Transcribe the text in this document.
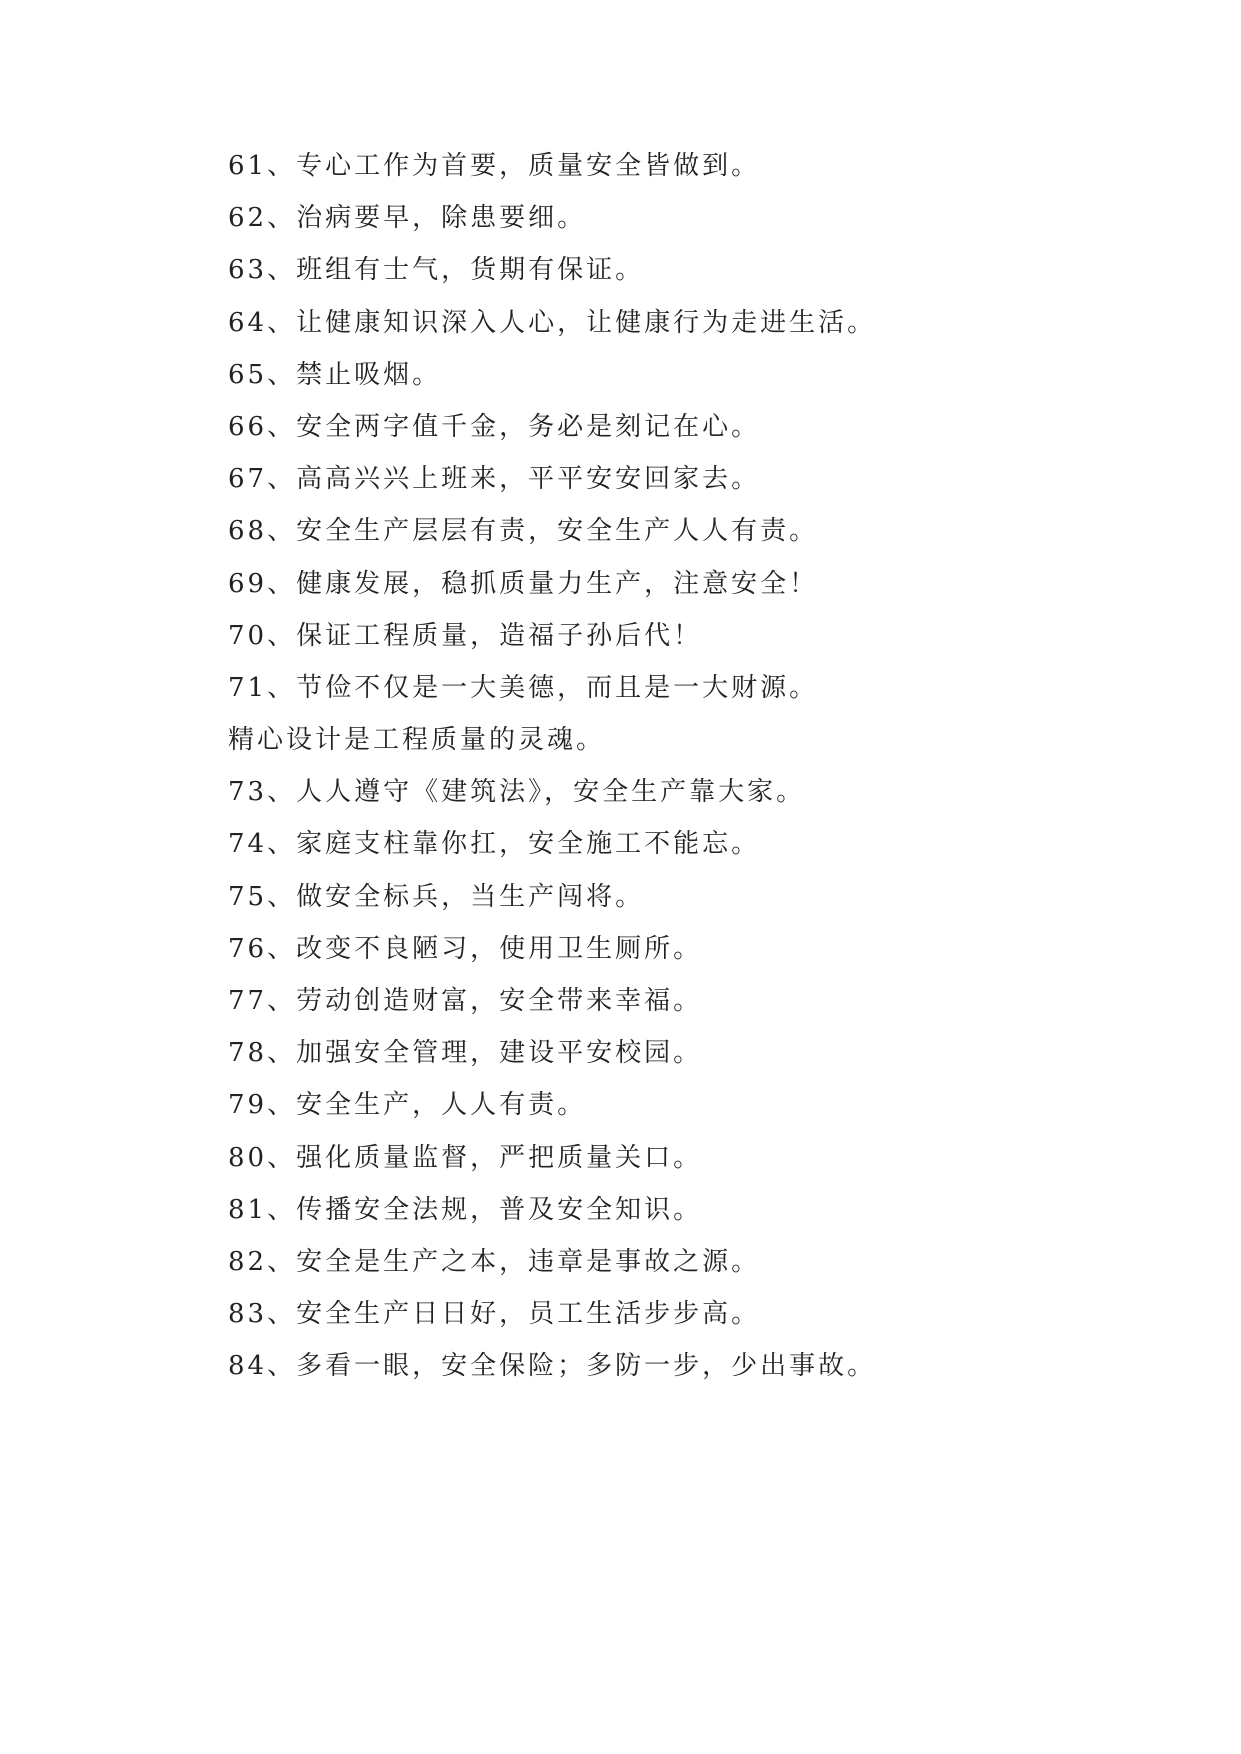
61、专心工作为首要，质量安全皆做到。

62、治病要早，除患要细。

63、班组有士气，货期有保证。

64、让健康知识深入人心，让健康行为走进生活。

65、禁止吸烟。

66、安全两字值千金，务必是刻记在心。

67、高高兴兴上班来，平平安安回家去。

68、安全生产层层有责，安全生产人人有责。

69、健康发展，稳抓质量力生产，注意安全！

70、保证工程质量，造福子孙后代！

71、节俭不仅是一大美德，而且是一大财源。

精心设计是工程质量的灵魂。

73、人人遵守《建筑法》，安全生产靠大家。

74、家庭支柱靠你扛，安全施工不能忘。

75、做安全标兵，当生产闯将。

76、改变不良陋习，使用卫生厕所。

77、劳动创造财富，安全带来幸福。

78、加强安全管理，建设平安校园。

79、安全生产，人人有责。

80、强化质量监督，严把质量关口。

81、传播安全法规，普及安全知识。

82、安全是生产之本，违章是事故之源。

83、安全生产日日好，员工生活步步高。

84、多看一眼，安全保险；多防一步，少出事故。
